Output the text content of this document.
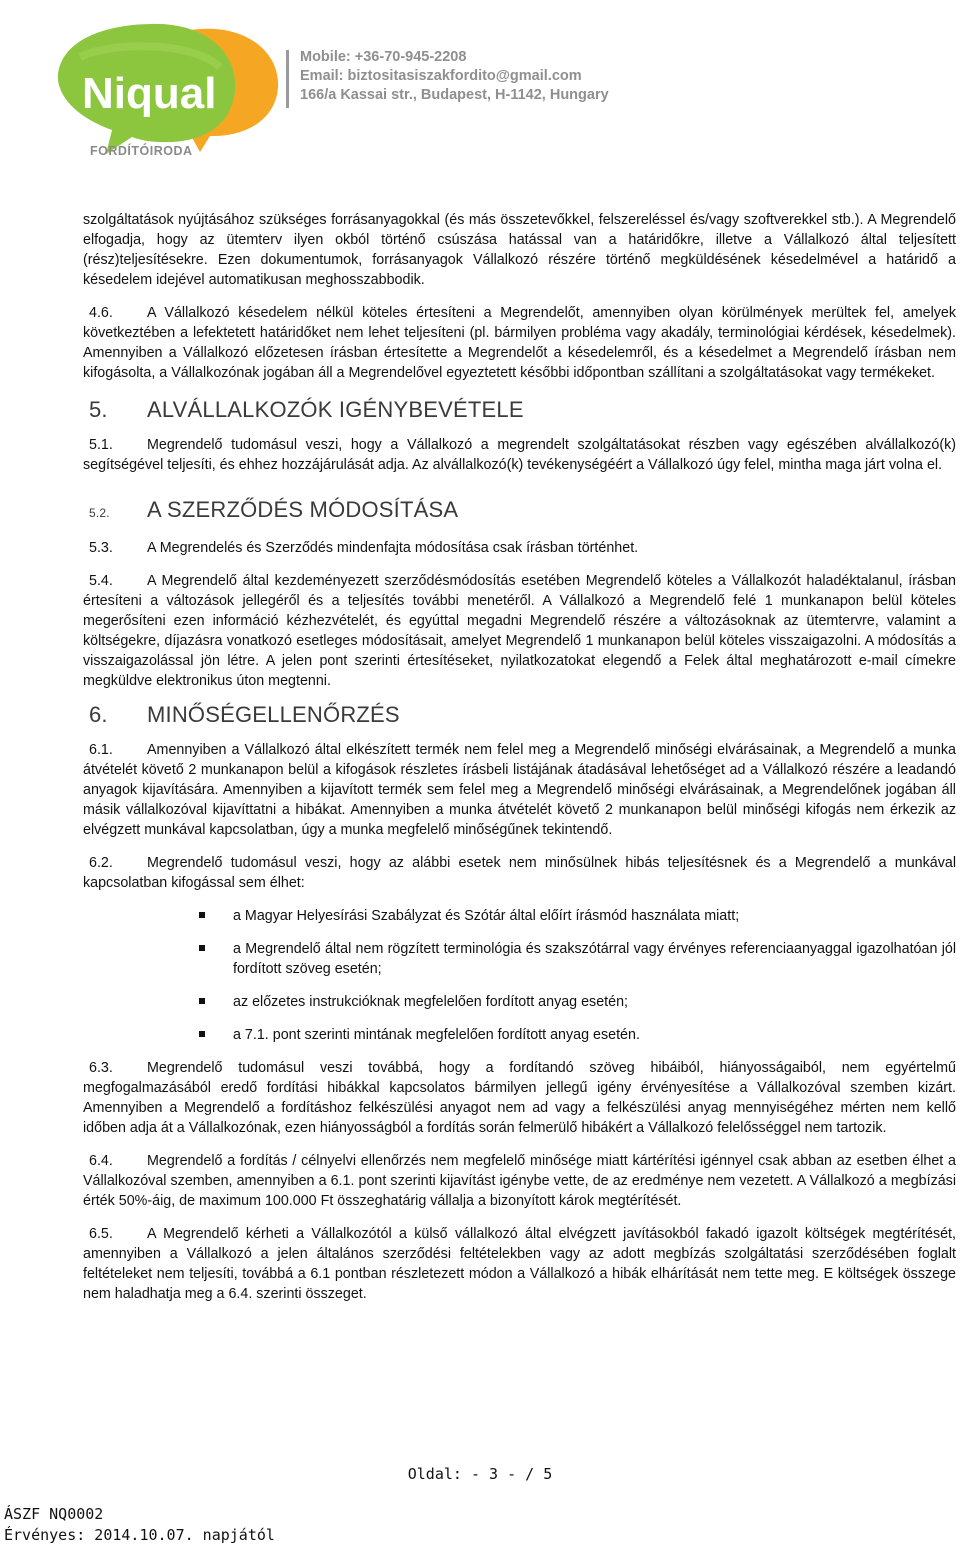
Niqual
FORDÍTÓIRODA
Mobile: +36-70-945-2208
Email: biztositasiszakfordito@gmail.com
166/a Kassai str., Budapest, H-1142, Hungary

szolgáltatások nyújtásához szükséges forrásanyagokkal (és más összetevőkkel, felszereléssel és/vagy szoftverekkel stb.). A Megrendelő elfogadja, hogy az ütemterv ilyen okból történő csúszása hatással van a határidőkre, illetve a Vállalkozó által teljesített (rész)teljesítésekre. Ezen dokumentumok, forrásanyagok Vállalkozó részére történő megküldésének késedelmével a határidő a késedelem idejével automatikusan meghosszabbodik.

4.6. A Vállalkozó késedelem nélkül köteles értesíteni a Megrendelőt, amennyiben olyan körülmények merültek fel, amelyek következtében a lefektetett határidőket nem lehet teljesíteni (pl. bármilyen probléma vagy akadály, terminológiai kérdések, késedelmek). Amennyiben a Vállalkozó előzetesen írásban értesítette a Megrendelőt a késedelemről, és a késedelmet a Megrendelő írásban nem kifogásolta, a Vállalkozónak jogában áll a Megrendelővel egyeztetett későbbi időpontban szállítani a szolgáltatásokat vagy termékeket.

5. ALVÁLLALKOZÓK IGÉNYBEVÉTELE

5.1. Megrendelő tudomásul veszi, hogy a Vállalkozó a megrendelt szolgáltatásokat részben vagy egészében alvállalkozó(k) segítségével teljesíti, és ehhez hozzájárulását adja. Az alvállalkozó(k) tevékenységéért a Vállalkozó úgy felel, mintha maga járt volna el.

5.2. A SZERZŐDÉS MÓDOSÍTÁSA

5.3. A Megrendelés és Szerződés mindenfajta módosítása csak írásban történhet.

5.4. A Megrendelő által kezdeményezett szerződésmódosítás esetében Megrendelő köteles a Vállalkozót haladéktalanul, írásban értesíteni a változások jellegéről és a teljesítés további menetéről. A Vállalkozó a Megrendelő felé 1 munkanapon belül köteles megerősíteni ezen információ kézhezvételét, és egyúttal megadni Megrendelő részére a változásoknak az ütemtervre, valamint a költségekre, díjazásra vonatkozó esetleges módosításait, amelyet Megrendelő 1 munkanapon belül köteles visszaigazolni. A módosítás a visszaigazolással jön létre. A jelen pont szerinti értesítéseket, nyilatkozatokat elegendő a Felek által meghatározott e-mail címekre megküldve elektronikus úton megtenni.

6. MINŐSÉGELLENŐRZÉS

6.1. Amennyiben a Vállalkozó által elkészített termék nem felel meg a Megrendelő minőségi elvárásainak, a Megrendelő a munka átvételét követő 2 munkanapon belül a kifogások részletes írásbeli listájának átadásával lehetőséget ad a Vállalkozó részére a leadandó anyagok kijavítására. Amennyiben a kijavított termék sem felel meg a Megrendelő minőségi elvárásainak, a Megrendelőnek jogában áll másik vállalkozóval kijavíttatni a hibákat. Amennyiben a munka átvételét követő 2 munkanapon belül minőségi kifogás nem érkezik az elvégzett munkával kapcsolatban, úgy a munka megfelelő minőségűnek tekintendő.

6.2. Megrendelő tudomásul veszi, hogy az alábbi esetek nem minősülnek hibás teljesítésnek és a Megrendelő a munkával kapcsolatban kifogással sem élhet:

a Magyar Helyesírási Szabályzat és Szótár által előírt írásmód használata miatt;
a Megrendelő által nem rögzített terminológia és szakszótárral vagy érvényes referenciaanyaggal igazolhatóan jól fordított szöveg esetén;
az előzetes instrukcióknak megfelelően fordított anyag esetén;
a 7.1. pont szerinti mintának megfelelően fordított anyag esetén.

6.3. Megrendelő tudomásul veszi továbbá, hogy a fordítandó szöveg hibáiból, hiányosságaiból, nem egyértelmű megfogalmazásából eredő fordítási hibákkal kapcsolatos bármilyen jellegű igény érvényesítése a Vállalkozóval szemben kizárt. Amennyiben a Megrendelő a fordításhoz felkészülési anyagot nem ad vagy a felkészülési anyag mennyiségéhez mérten nem kellő időben adja át a Vállalkozónak, ezen hiányosságból a fordítás során felmerülő hibákért a Vállalkozó felelősséggel nem tartozik.

6.4. Megrendelő a fordítás / célnyelvi ellenőrzés nem megfelelő minősége miatt kártérítési igénnyel csak abban az esetben élhet a Vállalkozóval szemben, amennyiben a 6.1. pont szerinti kijavítást igénybe vette, de az eredménye nem vezetett. A Vállalkozó a megbízási érték 50%-áig, de maximum 100.000 Ft összeghatárig vállalja a bizonyított károk megtérítését.

6.5. A Megrendelő kérheti a Vállalkozótól a külső vállalkozó által elvégzett javításokból fakadó igazolt költségek megtérítését, amennyiben a Vállalkozó a jelen általános szerződési feltételekben vagy az adott megbízás szolgáltatási szerződésében foglalt feltételeket nem teljesíti, továbbá a 6.1 pontban részletezett módon a Vállalkozó a hibák elhárítását nem tette meg. E költségek összege nem haladhatja meg a 6.4. szerinti összeget.

Oldal: - 3 - / 5
ÁSZF NQ0002
Érvényes: 2014.10.07. napjától
